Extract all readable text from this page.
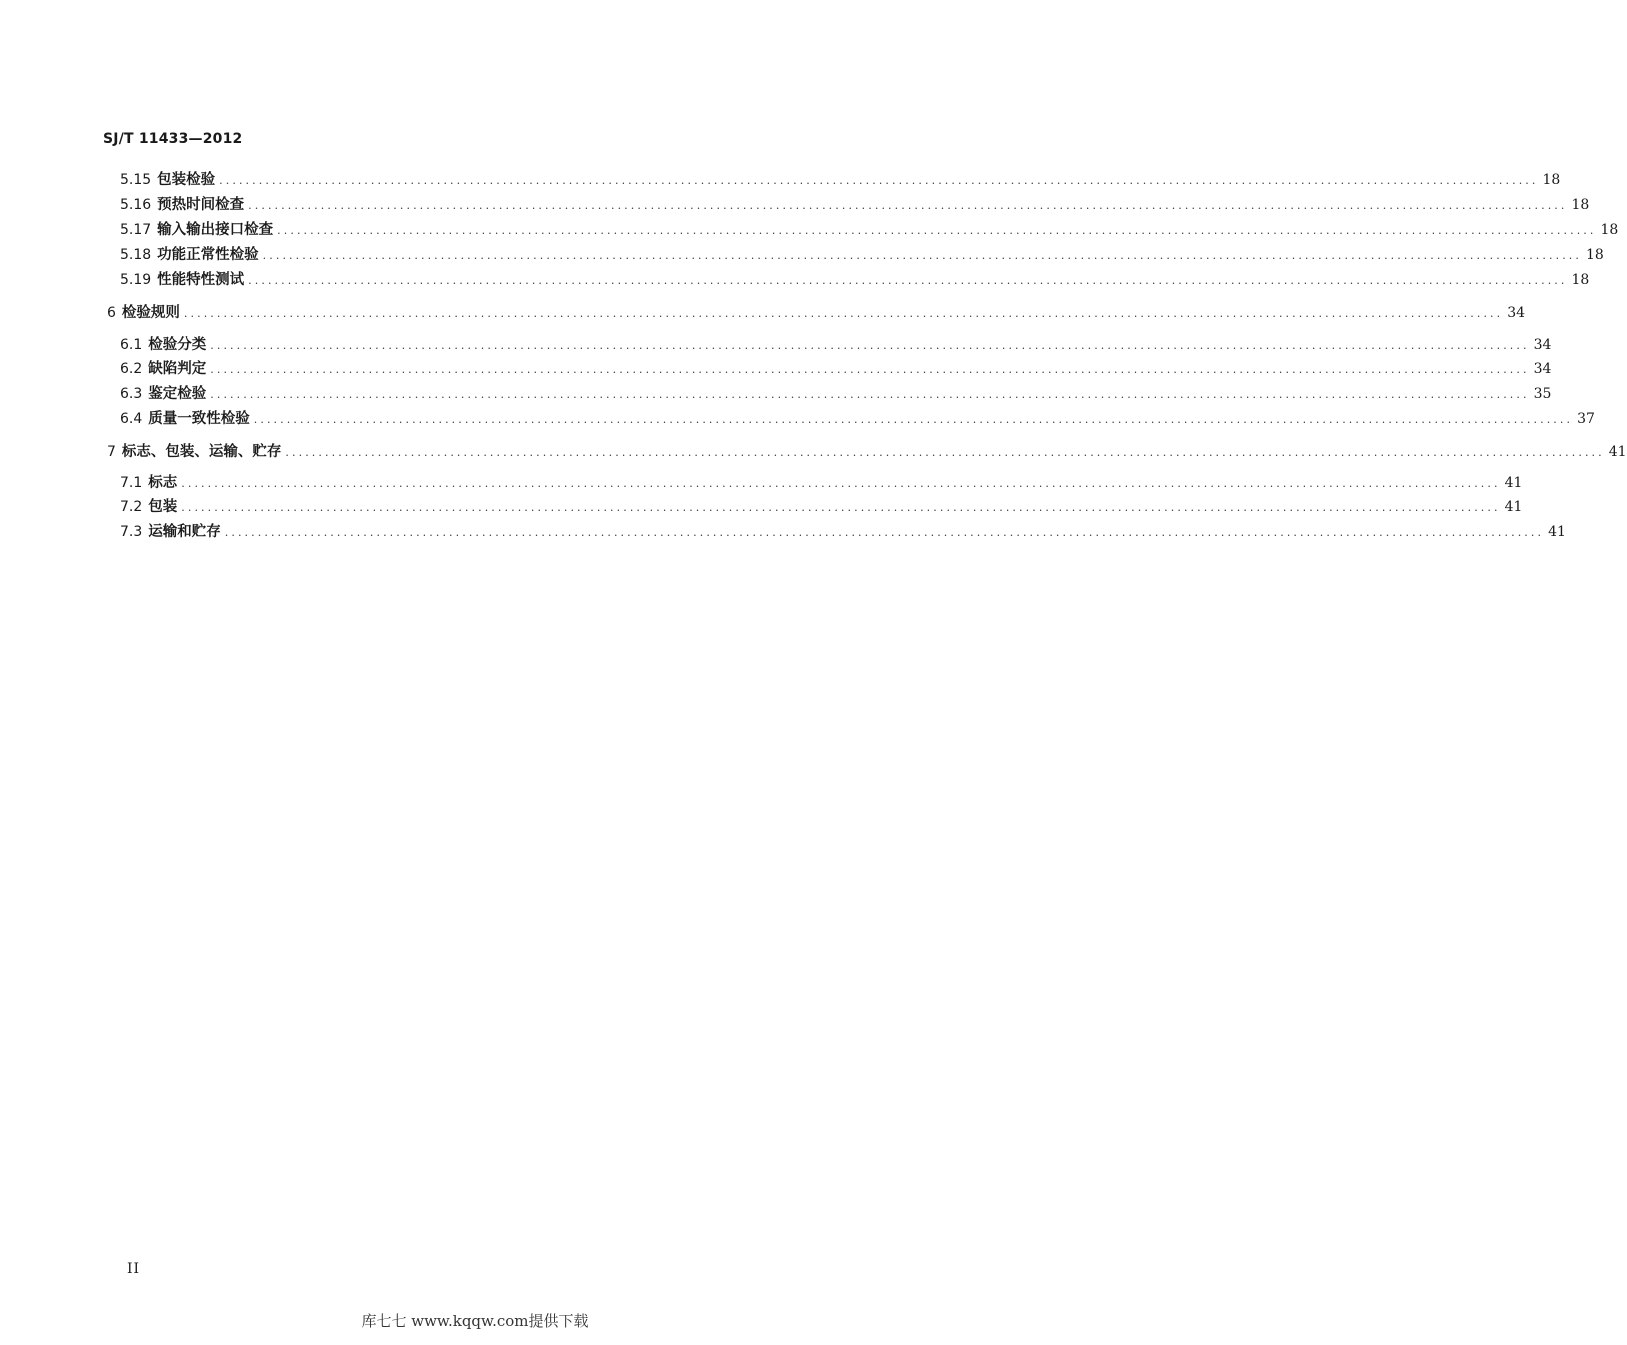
SJ/T 11433—2012
5.15 包装检验 ........................................................................................................................................................................................................ 18
5.16 预热时间检查 ........................................................................................................................................................................................................ 18
5.17 输入输出接口检查 ........................................................................................................................................................................................................ 18
5.18 功能正常性检验 ........................................................................................................................................................................................................ 18
5.19 性能特性测试 ........................................................................................................................................................................................................ 18
6 检验规则 ........................................................................................................................................................................................................ 34
6.1 检验分类 ........................................................................................................................................................................................................ 34
6.2 缺陷判定 ........................................................................................................................................................................................................ 34
6.3 鉴定检验 ........................................................................................................................................................................................................ 35
6.4 质量一致性检验 ........................................................................................................................................................................................................ 37
7 标志、包装、运输、贮存 ........................................................................................................................................................................................................ 41
7.1 标志 ........................................................................................................................................................................................................ 41
7.2 包装 ........................................................................................................................................................................................................ 41
7.3 运输和贮存 ........................................................................................................................................................................................................ 41
II
库七七 www.kqqw.com提供下载
